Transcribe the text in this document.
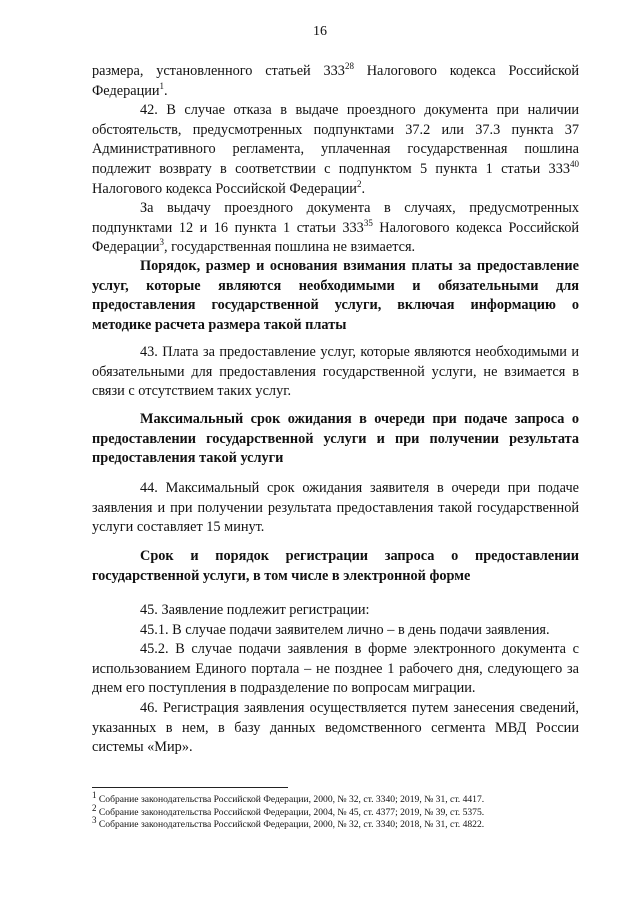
16

размера, установленного статьей $333^{28}$ Налогового кодекса Российской Федерации$^1$.

42. В случае отказа в выдаче проездного документа при наличии обстоятельств, предусмотренных подпунктами 37.2 или 37.3 пункта 37 Административного регламента, уплаченная государственная пошлина подлежит возврату в соответствии с подпунктом 5 пункта 1 статьи $333^{40}$ Налогового кодекса Российской Федерации$^2$.

За выдачу проездного документа в случаях, предусмотренных подпунктами 12 и 16 пункта 1 статьи $333^{35}$ Налогового кодекса Российской Федерации$^3$, государственная пошлина не взимается.

Порядок, размер и основания взимания платы за предоставление услуг, которые являются необходимыми и обязательными для предоставления государственной услуги, включая информацию о методике расчета размера такой платы

43. Плата за предоставление услуг, которые являются необходимыми и обязательными для предоставления государственной услуги, не взимается в связи с отсутствием таких услуг.

Максимальный срок ожидания в очереди при подаче запроса о предоставлении государственной услуги и при получении результата предоставления такой услуги

44. Максимальный срок ожидания заявителя в очереди при подаче заявления и при получении результата предоставления такой государственной услуги составляет 15 минут.

Срок и порядок регистрации запроса о предоставлении государственной услуги, в том числе в электронной форме

45. Заявление подлежит регистрации:

45.1. В случае подачи заявителем лично – в день подачи заявления.

45.2. В случае подачи заявления в форме электронного документа с использованием Единого портала – не позднее 1 рабочего дня, следующего за днем его поступления в подразделение по вопросам миграции.

46. Регистрация заявления осуществляется путем занесения сведений, указанных в нем, в базу данных ведомственного сегмента МВД России системы «Мир».

$^1$ Собрание законодательства Российской Федерации, 2000, № 32, ст. 3340; 2019, № 31, ст. 4417.

$^2$ Собрание законодательства Российской Федерации, 2004, № 45, ст. 4377; 2019, № 39, ст. 5375.

$^3$ Собрание законодательства Российской Федерации, 2000, № 32, ст. 3340; 2018, № 31, ст. 4822.
